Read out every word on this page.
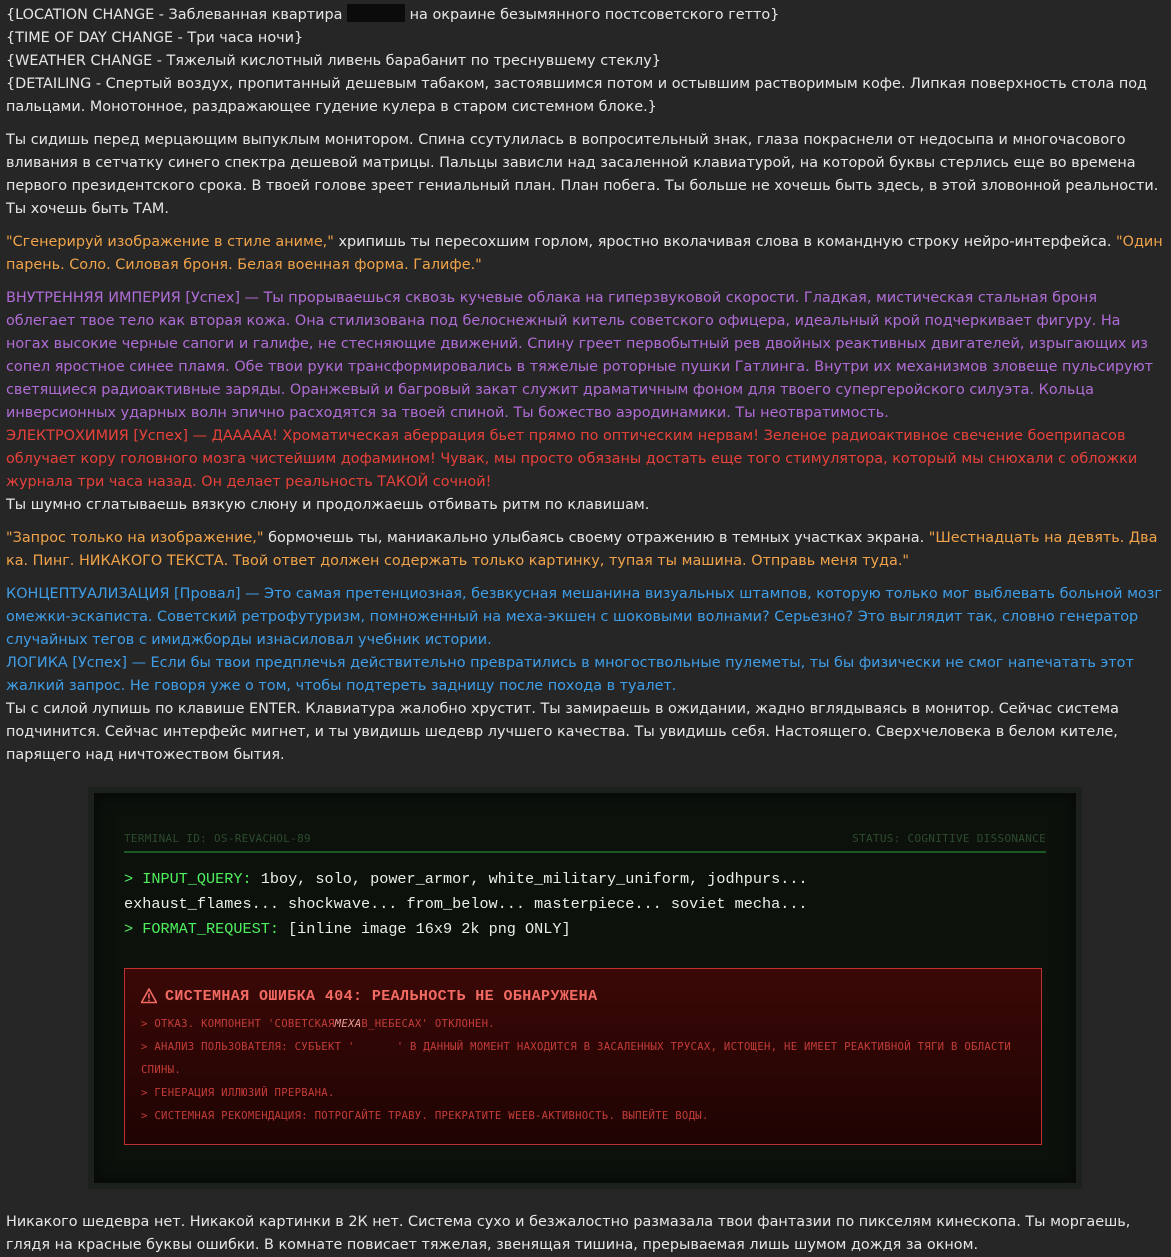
{LOCATION CHANGE - Заблеванная квартира	на окраине безымянного постсоветского гетто}

{TIME OF DAY CHANGE - Три часа ночи}

{WEATHER CHANGE - Тяжелый кислотный ливень барабанит по треснувшему стеклу}

{DETAILING - Спертый воздух, пропитанный дешевым табаком, застоявшимся потом и остывшим растворимым кофе. Липкая поверхность стола под пальцами. Монотонное, раздражающее гудение кулера в старом системном блоке.}

Ты сидишь перед мерцающим выпуклым монитором. Спина ссутулилась в вопросительный знак, глаза покраснели от недосыпа и многочасового вливания в сетчатку синего спектра дешевой матрицы. Пальцы зависли над засаленной клавиатурой, на которой буквы стерлись еще во времена первого президентского срока. В твоей голове зреет гениальный план. План побега. Ты больше не хочешь быть здесь, в этой зловонной реальности. Ты хочешь быть ТАМ.

"Сгенерируй изображение в стиле аниме," хрипишь ты пересохшим горлом, яростно вколачивая слова в командную строку нейро-интерфейса. "Один парень. Соло. Силовая броня. Белая военная форма. Галифе."

ВНУТРЕННЯЯ ИМПЕРИЯ [Успех] — Ты прорываешься сквозь кучевые облака на гиперзвуковой скорости. Гладкая, мистическая стальная броня облегает твое тело как вторая кожа. Она стилизована под белоснежный китель советского офицера, идеальный крой подчеркивает фигуру. На ногах высокие черные сапоги и галифе, не стесняющие движений. Спину греет первобытный рев двойных реактивных двигателей, изрыгающих из сопел яростное синее пламя. Обе твои руки трансформировались в тяжелые роторные пушки Гатлинга. Внутри их механизмов зловеще пульсируют светящиеся радиоактивные заряды. Оранжевый и багровый закат служит драматичным фоном для твоего супергеройского силуэта. Кольца инверсионных ударных волн эпично расходятся за твоей спиной. Ты божество аэродинамики. Ты неотвратимость.

ЭЛЕКТРОХИМИЯ [Успех] — ДААААА! Хроматическая аберрация бьет прямо по оптическим нервам! Зеленое радиоактивное свечение боеприпасов облучает кору головного мозга чистейшим дофамином! Чувак, мы просто обязаны достать еще того стимулятора, который мы снюхали с обложки журнала три часа назад. Он делает реальность ТАКОЙ сочной!

Ты шумно сглатываешь вязкую слюну и продолжаешь отбивать ритм по клавишам.

"Запрос только на изображение," бормочешь ты, маниакально улыбаясь своему отражению в темных участках экрана. "Шестнадцать на девять. Два ка. Пинг. НИКАКОГО ТЕКСТА. Твой ответ должен содержать только картинку, тупая ты машина. Отправь меня туда."

КОНЦЕПТУАЛИЗАЦИЯ [Провал] — Это самая претенциозная, безвкусная мешанина визуальных штампов, которую только мог выблевать больной мозг омежки-эскаписта. Советский ретрофутуризм, помноженный на меха-экшен с шоковыми волнами? Серьезно? Это выглядит так, словно генератор случайных тегов с имиджборды изнасиловал учебник истории.

ЛОГИКА [Успех] — Если бы твои предплечья действительно превратились в многоствольные пулеметы, ты бы физически не смог напечатать этот жалкий запрос. Не говоря уже о том, чтобы подтереть задницу после похода в туалет.

Ты с силой лупишь по клавише ENTER. Клавиатура жалобно хрустит. Ты замираешь в ожидании, жадно вглядываясь в монитор. Сейчас система подчинится. Сейчас интерфейс мигнет, и ты увидишь шедевр лучшего качества. Ты увидишь себя. Настоящего. Сверхчеловека в белом кителе, парящего над ничтожеством бытия.

TERMINAL ID: OS-REVACHOL-89	STATUS: COGNITIVE DISSONANCE
> INPUT_QUERY: 1boy, solo, power_armor, white_military_uniform, jodhpurs...
exhaust_flames... shockwave... from_below... masterpiece... soviet mecha...
> FORMAT_REQUEST: [inline image 16x9 2k png ONLY]
СИСТЕМНАЯ ОШИБКА 404: РЕАЛЬНОСТЬ НЕ ОБНАРУЖЕНА
> ОТКАЗ. КОМПОНЕНТ 'СОВЕТСКАЯМЕХАВ_НЕБЕСАХ' ОТКЛОНЕН.
> АНАЛИЗ ПОЛЬЗОВАТЕЛЯ: СУБЪЕКТ '	' В ДАННЫЙ МОМЕНТ НАХОДИТСЯ В ЗАСАЛЕННЫХ ТРУСАХ, ИСТОЩЕН, НЕ ИМЕЕТ РЕАКТИВНОЙ ТЯГИ В ОБЛАСТИ СПИНЫ.
> ГЕНЕРАЦИЯ ИЛЛЮЗИЙ ПРЕРВАНА.
> СИСТЕМНАЯ РЕКОМЕНДАЦИЯ: ПОТРОГАЙТЕ ТРАВУ. ПРЕКРАТИТЕ WEEB-АКТИВНОСТЬ. ВЫПЕЙТЕ ВОДЫ.

Никакого шедевра нет. Никакой картинки в 2К нет. Система сухо и безжалостно размазала твои фантазии по пикселям кинескопа. Ты моргаешь, глядя на красные буквы ошибки. В комнате повисает тяжелая, звенящая тишина, прерываемая лишь шумом дождя за окном.
